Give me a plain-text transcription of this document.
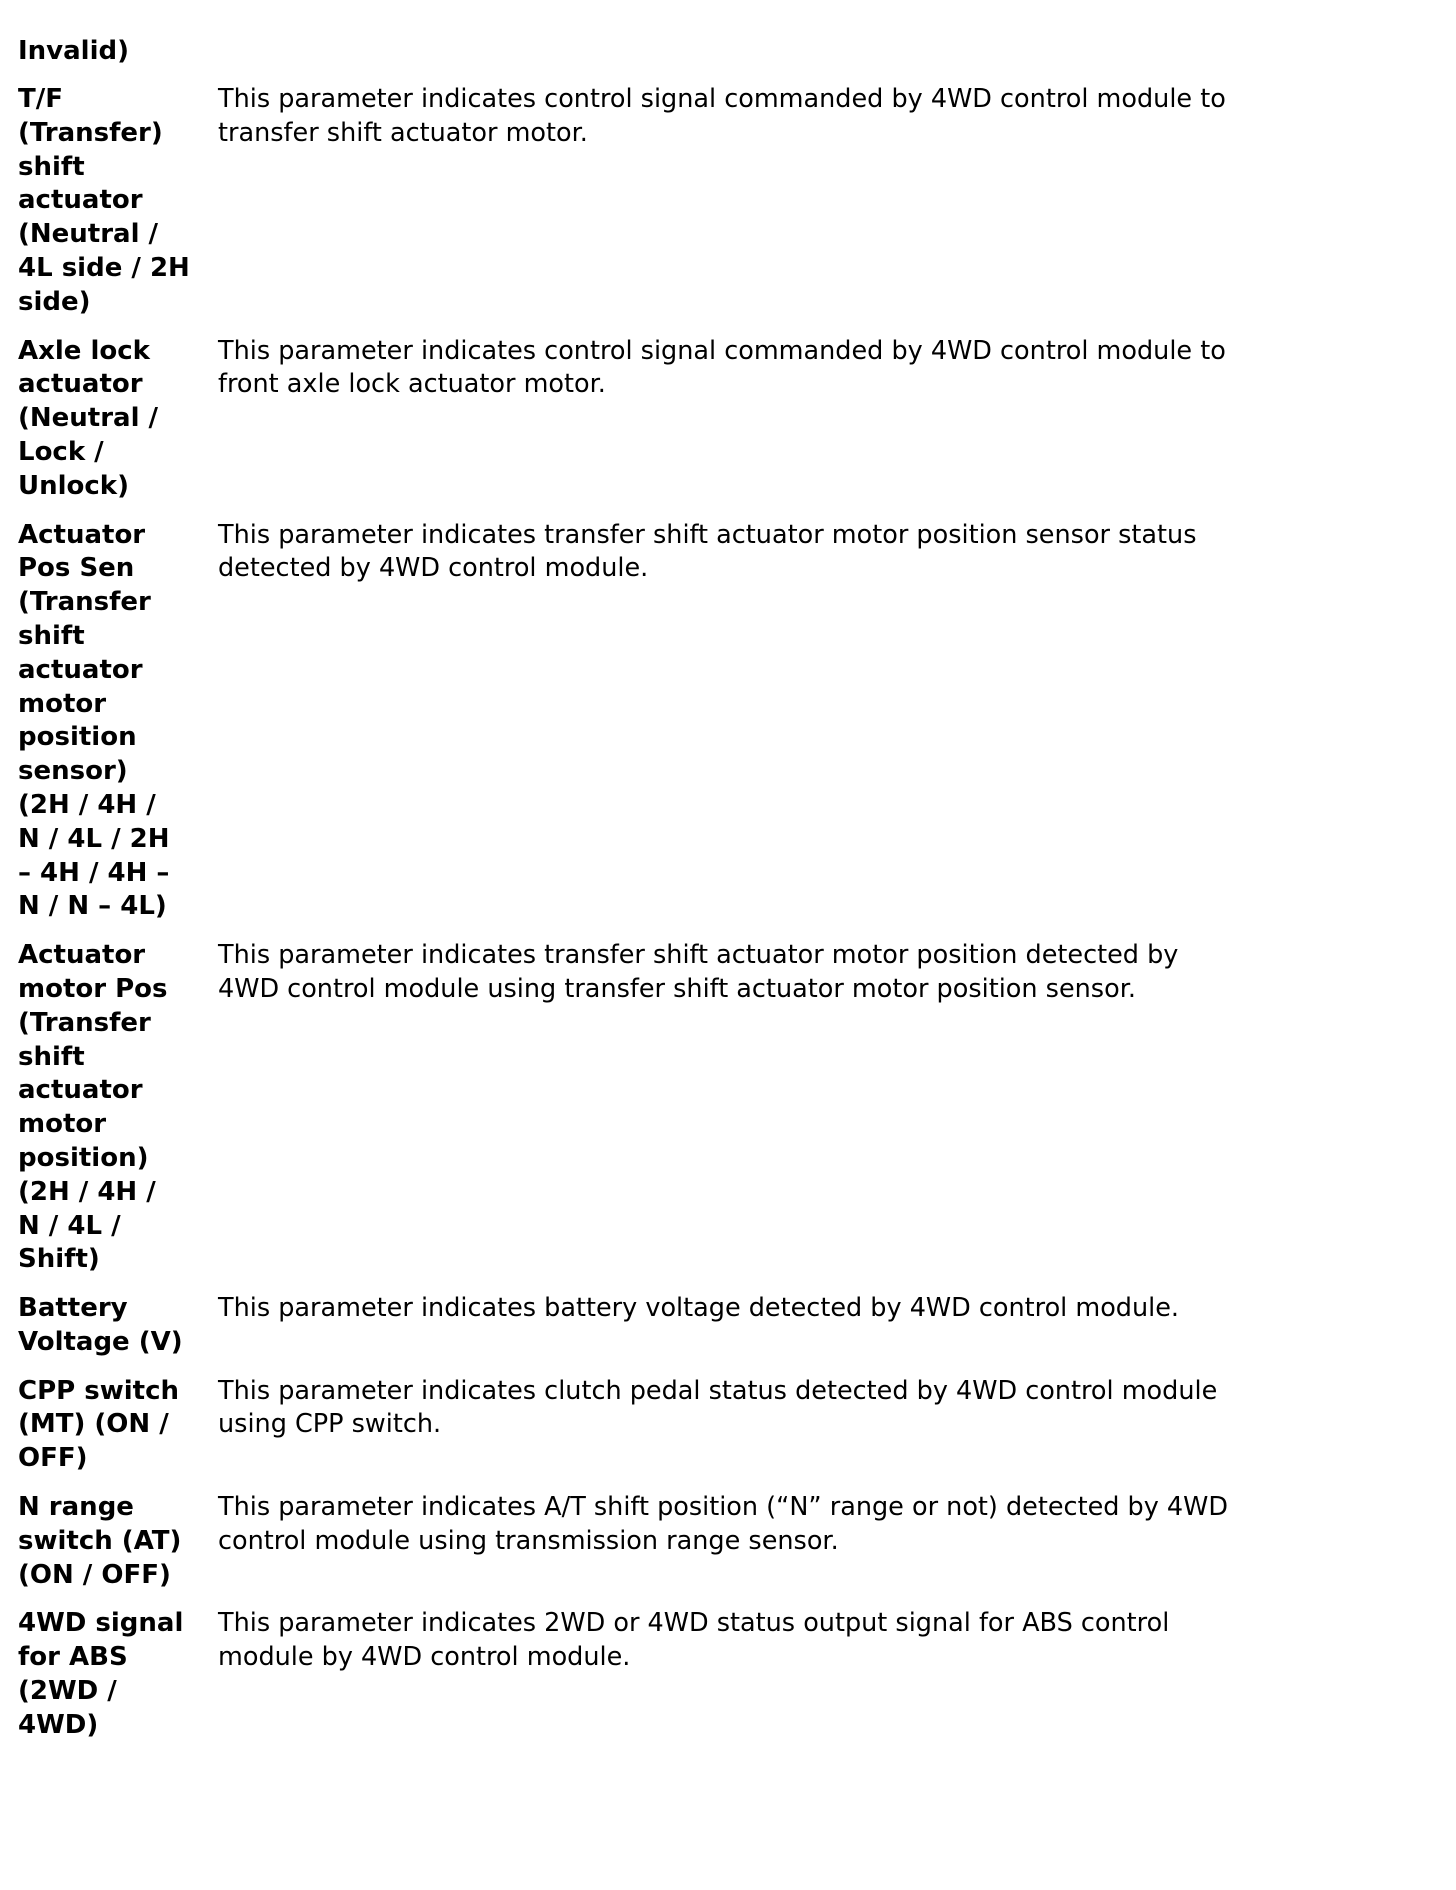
Invalid)
T/F
(Transfer)
shift
actuator
(Neutral /
4L side / 2H
side)
This parameter indicates control signal commanded by 4WD control module to
transfer shift actuator motor.
Axle lock
actuator
(Neutral /
Lock /
Unlock)
This parameter indicates control signal commanded by 4WD control module to
front axle lock actuator motor.
Actuator
Pos Sen
(Transfer
shift
actuator
motor
position
sensor)
(2H / 4H /
N / 4L / 2H
– 4H / 4H –
N / N – 4L)
This parameter indicates transfer shift actuator motor position sensor status
detected by 4WD control module.
Actuator
motor Pos
(Transfer
shift
actuator
motor
position)
(2H / 4H /
N / 4L /
Shift)
This parameter indicates transfer shift actuator motor position detected by
4WD control module using transfer shift actuator motor position sensor.
Battery
Voltage (V)
This parameter indicates battery voltage detected by 4WD control module.
CPP switch
(MT) (ON /
OFF)
This parameter indicates clutch pedal status detected by 4WD control module
using CPP switch.
N range
switch (AT)
(ON / OFF)
This parameter indicates A/T shift position (“N” range or not) detected by 4WD
control module using transmission range sensor.
4WD signal
for ABS
(2WD /
4WD)
This parameter indicates 2WD or 4WD status output signal for ABS control
module by 4WD control module.
